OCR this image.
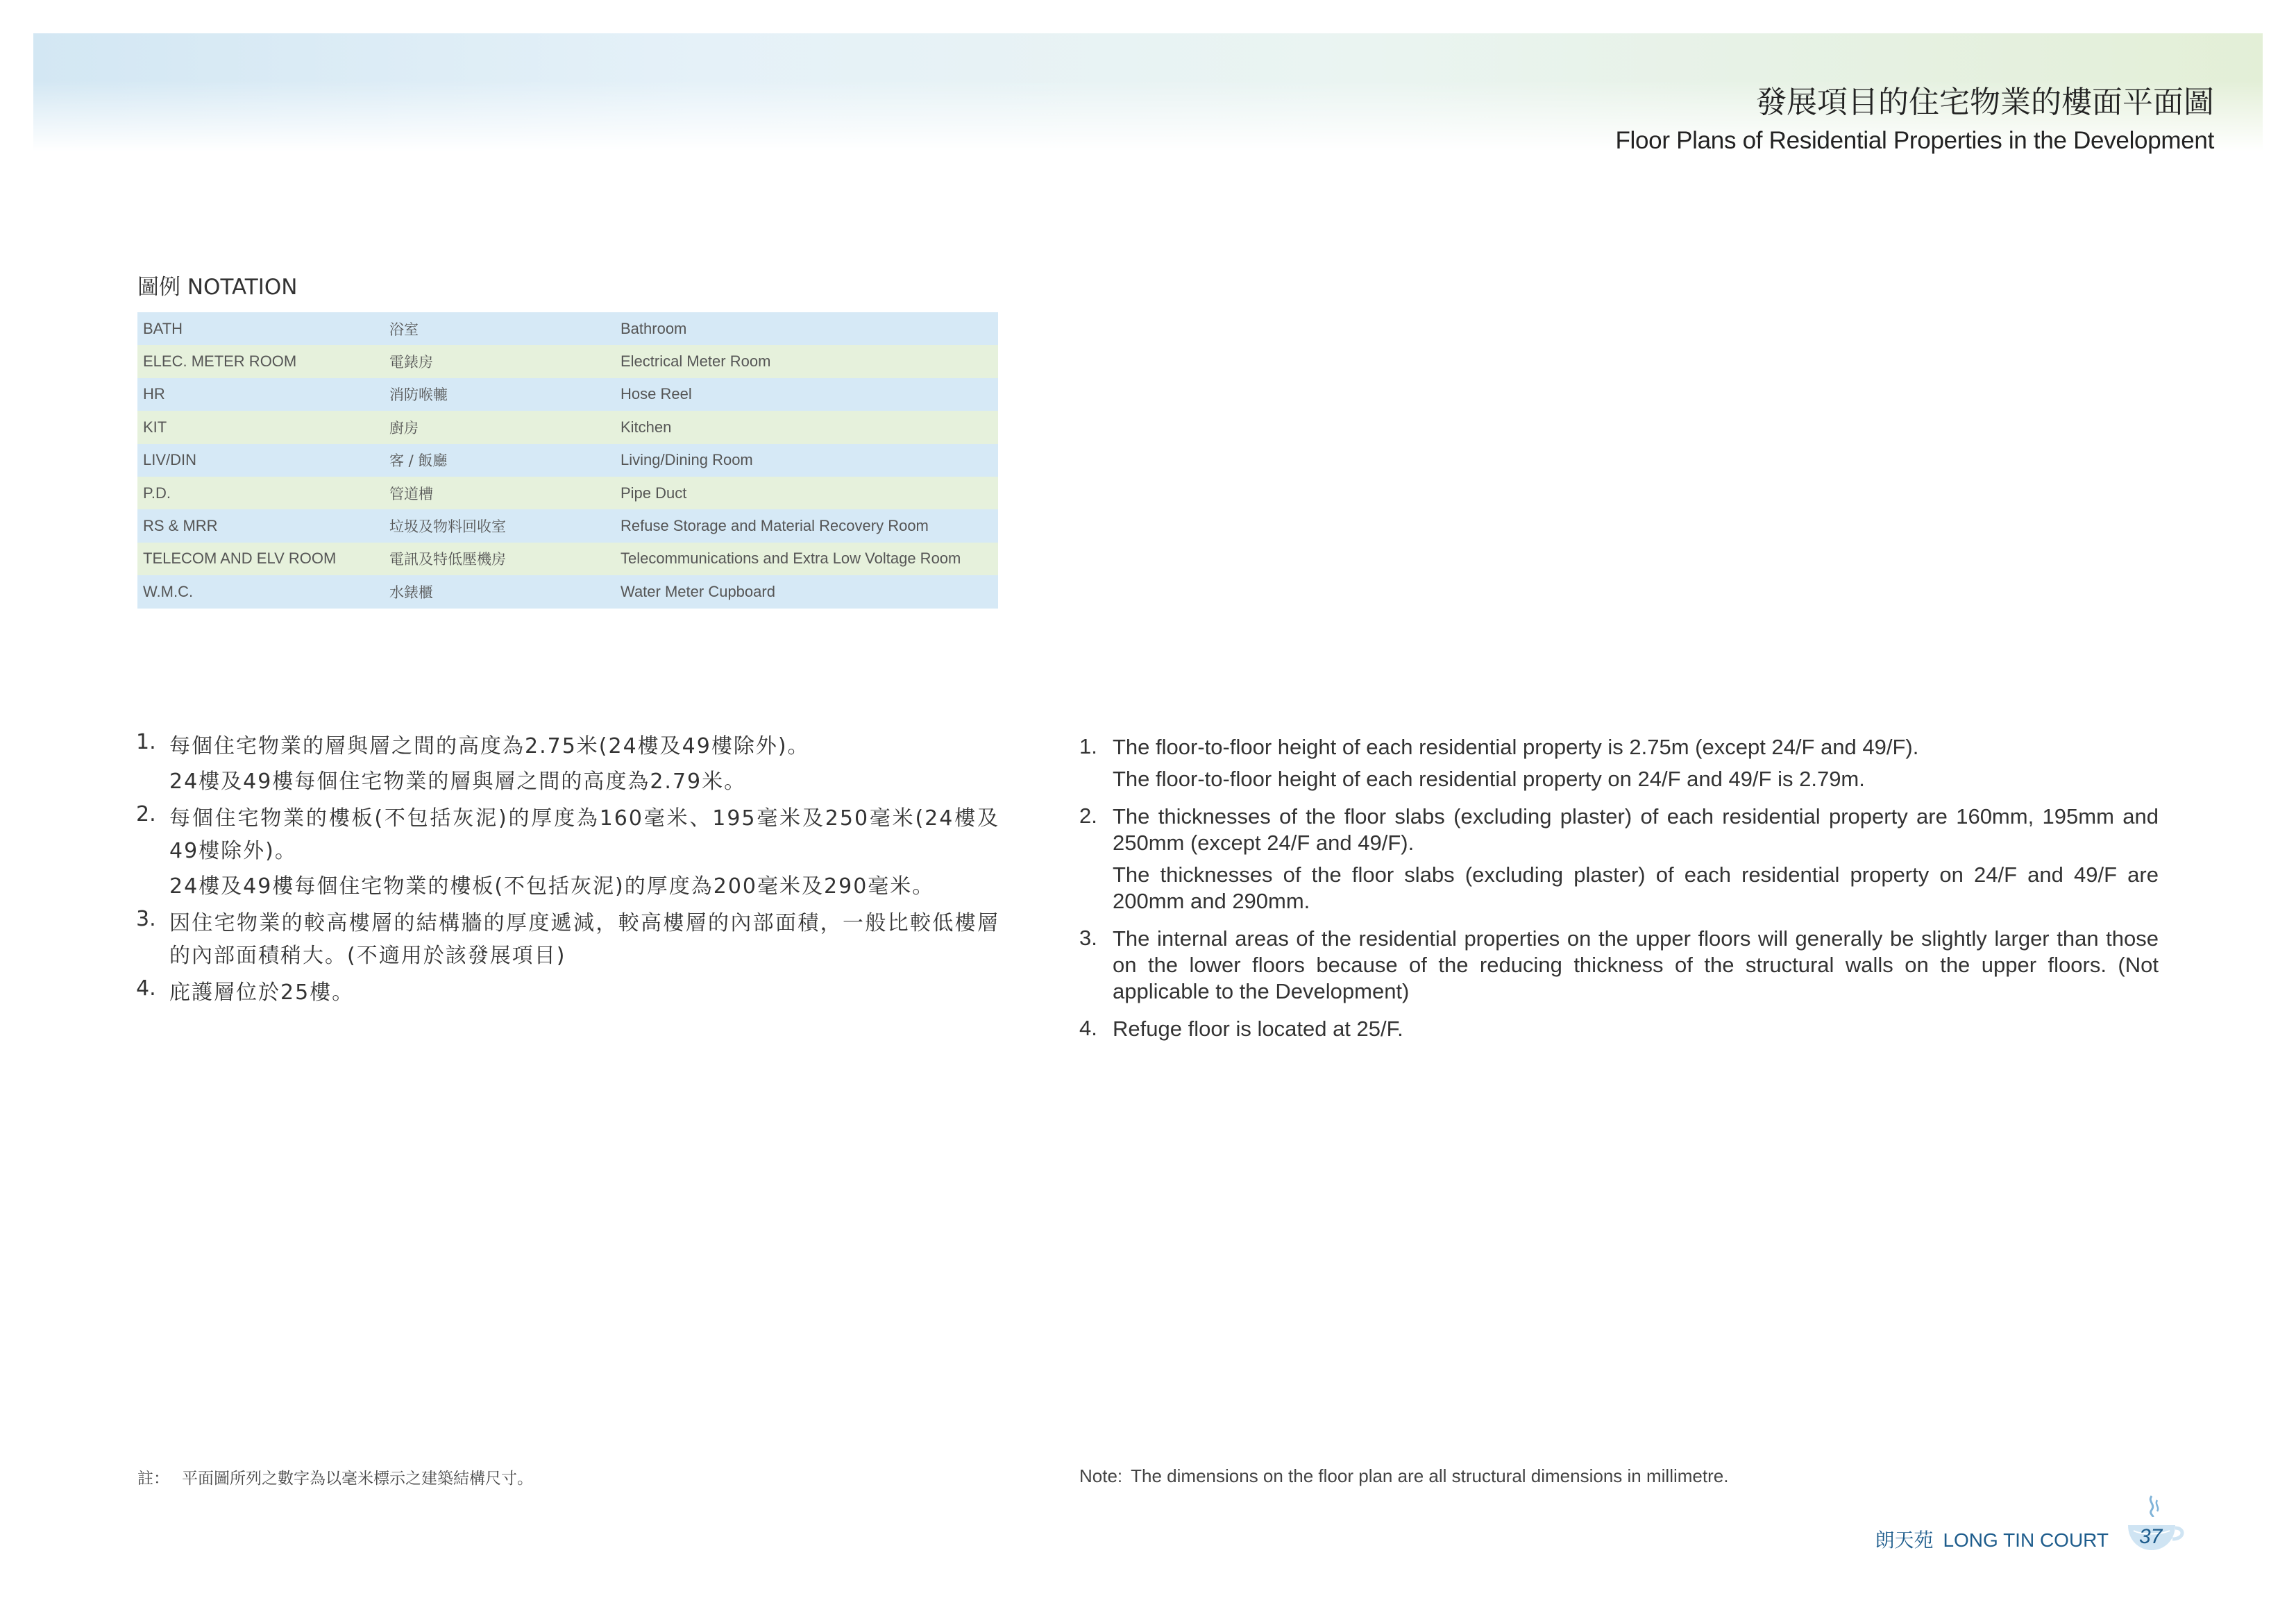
發展項目的住宅物業的樓面平面圖
Floor Plans of Residential Properties in the Development
圖例 NOTATION
BATH	浴室	Bathroom
ELEC. METER ROOM	電錶房	Electrical Meter Room
HR	消防喉轆	Hose Reel
KIT	廚房	Kitchen
LIV/DIN	客 / 飯廳	Living/Dining Room
P.D.	管道槽	Pipe Duct
RS & MRR	垃圾及物料回收室	Refuse Storage and Material Recovery Room
TELECOM AND ELV ROOM	電訊及特低壓機房	Telecommunications and Extra Low Voltage Room
W.M.C.	水錶櫃	Water Meter Cupboard
1. 每個住宅物業的層與層之間的高度為2.75米(24樓及49樓除外)。

24樓及49樓每個住宅物業的層與層之間的高度為2.79米。

2. 每個住宅物業的樓板(不包括灰泥)的厚度為160毫米、195毫米及250毫米(24樓及49樓除外)。

24樓及49樓每個住宅物業的樓板(不包括灰泥)的厚度為200毫米及290毫米。

3. 因住宅物業的較高樓層的結構牆的厚度遞減，較高樓層的內部面積，一般比較低樓層的內部面積稍大。(不適用於該發展項目)

4. 庇護層位於25樓。

1. The floor-to-floor height of each residential property is 2.75m (except 24/F and 49/F).

The floor-to-floor height of each residential property on 24/F and 49/F is 2.79m.

2. The thicknesses of the floor slabs (excluding plaster) of each residential property are 160mm, 195mm and 250mm (except 24/F and 49/F).

The thicknesses of the floor slabs (excluding plaster) of each residential property on 24/F and 49/F are 200mm and 290mm.

3. The internal areas of the residential properties on the upper floors will generally be slightly larger than those on the lower floors because of the reducing thickness of the structural walls on the upper floors. (Not applicable to the Development)

4. Refuge floor is located at 25/F.

註： 平面圖所列之數字為以毫米標示之建築結構尺寸。	Note: The dimensions on the floor plan are all structural dimensions in millimetre.
朗天苑 LONG TIN COURT 37
